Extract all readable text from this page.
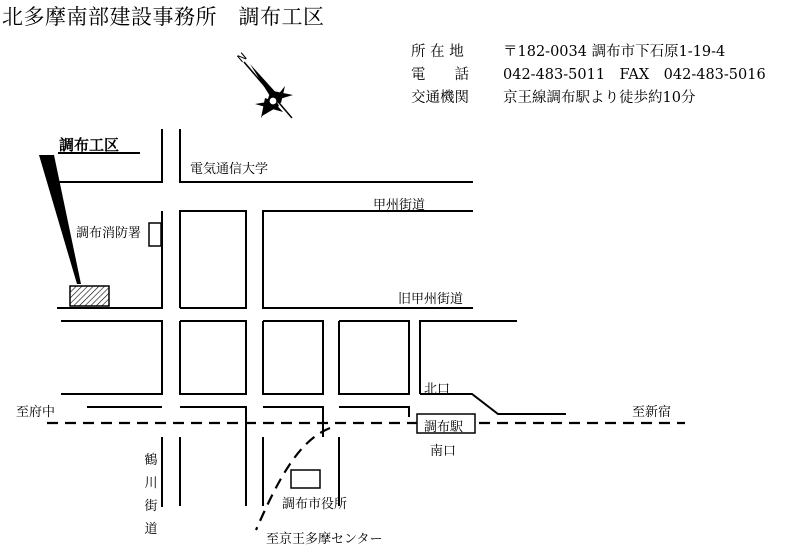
N
北多摩南部建設事務所　調布工区
所 在 地	〒182-0034 調布市下石原1-19-4
電　　話 042-483-5011　FAX　042-483-5016
交通機関 京王線調布駅より徒歩約10分
調布工区
電気通信大学
甲州街道
調布消防署
旧甲州街道
北口
調布駅
南口
至府中	至新宿
鶴
川
街
道
調布市役所
至京王多摩センター
